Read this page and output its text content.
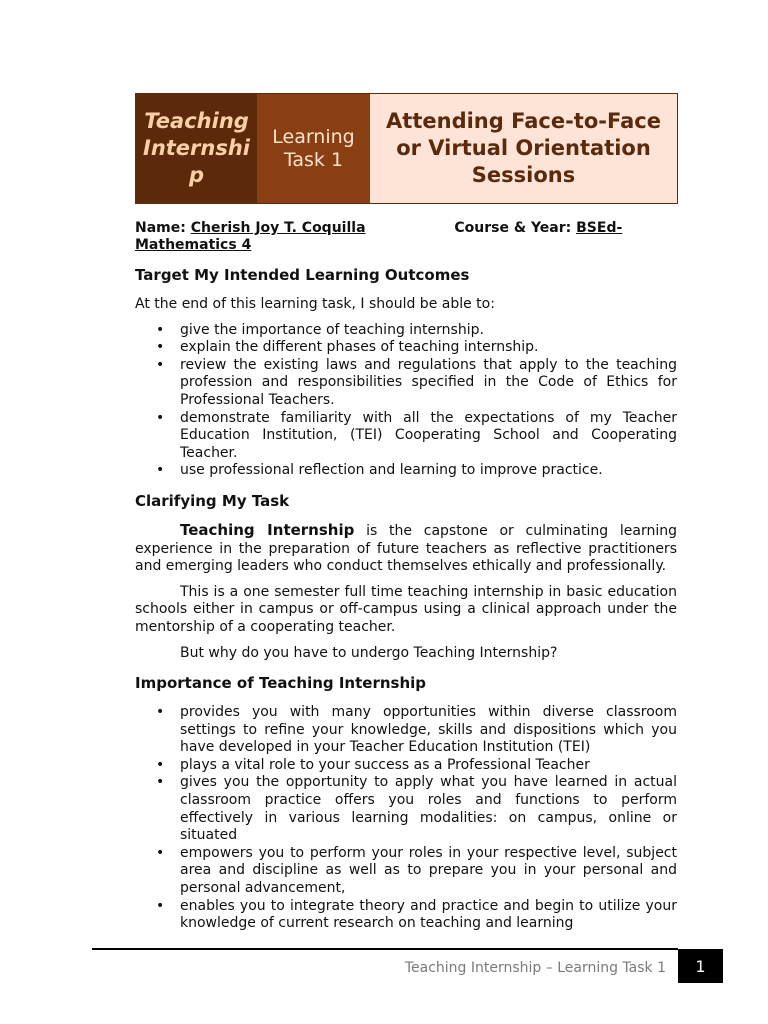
Teaching Internship
Learning Task 1
Attending Face-to-Face or Virtual Orientation Sessions
Name: Cherish Joy T. Coquilla	Course & Year: BSEd-
Mathematics 4
Target My Intended Learning Outcomes

At the end of this learning task, I should be able to:

• give the importance of teaching internship.
• explain the different phases of teaching internship.
• review the existing laws and regulations that apply to the teaching profession and responsibilities specified in the Code of Ethics for Professional Teachers.
• demonstrate familiarity with all the expectations of my Teacher Education Institution, (TEI) Cooperating School and Cooperating Teacher.
• use professional reflection and learning to improve practice.
Clarifying My Task

Teaching Internship is the capstone or culminating learning experience in the preparation of future teachers as reflective practitioners and emerging leaders who conduct themselves ethically and professionally.

This is a one semester full time teaching internship in basic education schools either in campus or off-campus using a clinical approach under the mentorship of a cooperating teacher.

But why do you have to undergo Teaching Internship?

Importance of Teaching Internship
• provides you with many opportunities within diverse classroom settings to refine your knowledge, skills and dispositions which you have developed in your Teacher Education Institution (TEI)
• plays a vital role to your success as a Professional Teacher
• gives you the opportunity to apply what you have learned in actual classroom practice offers you roles and functions to perform effectively in various learning modalities: on campus, online or situated
• empowers you to perform your roles in your respective level, subject area and discipline as well as to prepare you in your personal and personal advancement,
• enables you to integrate theory and practice and begin to utilize your knowledge of current research on teaching and learning
Teaching Internship – Learning Task 1	1
